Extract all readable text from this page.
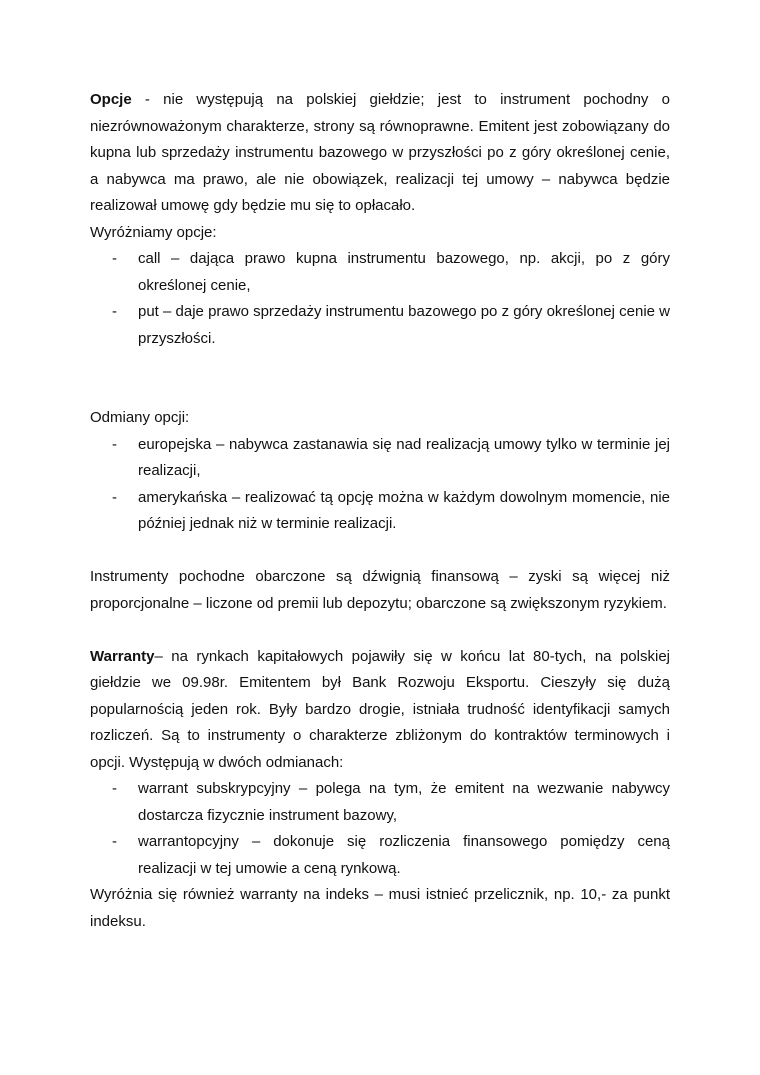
Opcje - nie występują na polskiej giełdzie; jest to instrument pochodny o niezrównoważonym charakterze, strony są równoprawne. Emitent jest zobowiązany do kupna lub sprzedaży instrumentu bazowego w przyszłości po z góry określonej cenie, a nabywca ma prawo, ale nie obowiązek, realizacji tej umowy – nabywca będzie realizował umowę gdy będzie mu się to opłacało.

Wyróżniamy opcje:

- call – dająca prawo kupna instrumentu bazowego, np. akcji, po z góry określonej cenie,
- put – daje prawo sprzedaży instrumentu bazowego po z góry określonej cenie w przyszłości.

Odmiany opcji:

- europejska – nabywca zastanawia się nad realizacją umowy tylko w terminie jej realizacji,
- amerykańska – realizować tą opcję można w każdym dowolnym momencie, nie później jednak niż w terminie realizacji.

Instrumenty pochodne obarczone są dźwignią finansową – zyski są więcej niż proporcjonalne – liczone od premii lub depozytu; obarczone są zwiększonym ryzykiem.

Warranty– na rynkach kapitałowych pojawiły się w końcu lat 80-tych, na polskiej giełdzie we 09.98r. Emitentem był Bank Rozwoju Eksportu. Cieszyły się dużą popularnością jeden rok. Były bardzo drogie, istniała trudność identyfikacji samych rozliczeń. Są to instrumenty o charakterze zbliżonym do kontraktów terminowych i opcji. Występują w dwóch odmianach:

- warrant subskrypcyjny – polega na tym, że emitent na wezwanie nabywcy dostarcza fizycznie instrument bazowy,
- warrantopcyjny – dokonuje się rozliczenia finansowego pomiędzy ceną realizacji w tej umowie a ceną rynkową.

Wyróżnia się również warranty na indeks – musi istnieć przelicznik, np. 10,- za punkt indeksu.
